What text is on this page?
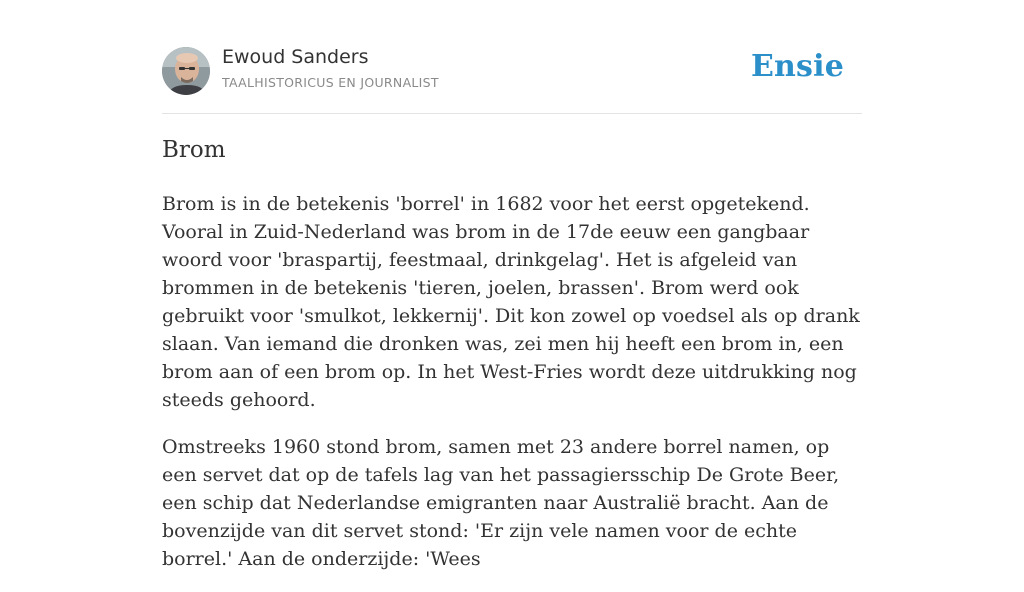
Ewoud Sanders
TAALHISTORICUS EN JOURNALIST	Ensie
Brom

Brom is in de betekenis 'borrel' in 1682 voor het eerst opgetekend. Vooral in Zuid-Nederland was brom in de 17de eeuw een gangbaar woord voor 'braspartij, feestmaal, drinkgelag'. Het is afgeleid van brommen in de betekenis 'tieren, joelen, brassen'. Brom werd ook gebruikt voor 'smulkot, lekkernij'. Dit kon zowel op voedsel als op drank slaan. Van iemand die dronken was, zei men hij heeft een brom in, een brom aan of een brom op. In het West-Fries wordt deze uitdrukking nog steeds gehoord.

Omstreeks 1960 stond brom, samen met 23 andere borrel namen, op een servet dat op de tafels lag van het passagiersschip De Grote Beer, een schip dat Nederlandse emigranten naar Australië bracht. Aan de bovenzijde van dit servet stond: 'Er zijn vele namen voor de echte borrel.' Aan de onderzijde: 'Wees
